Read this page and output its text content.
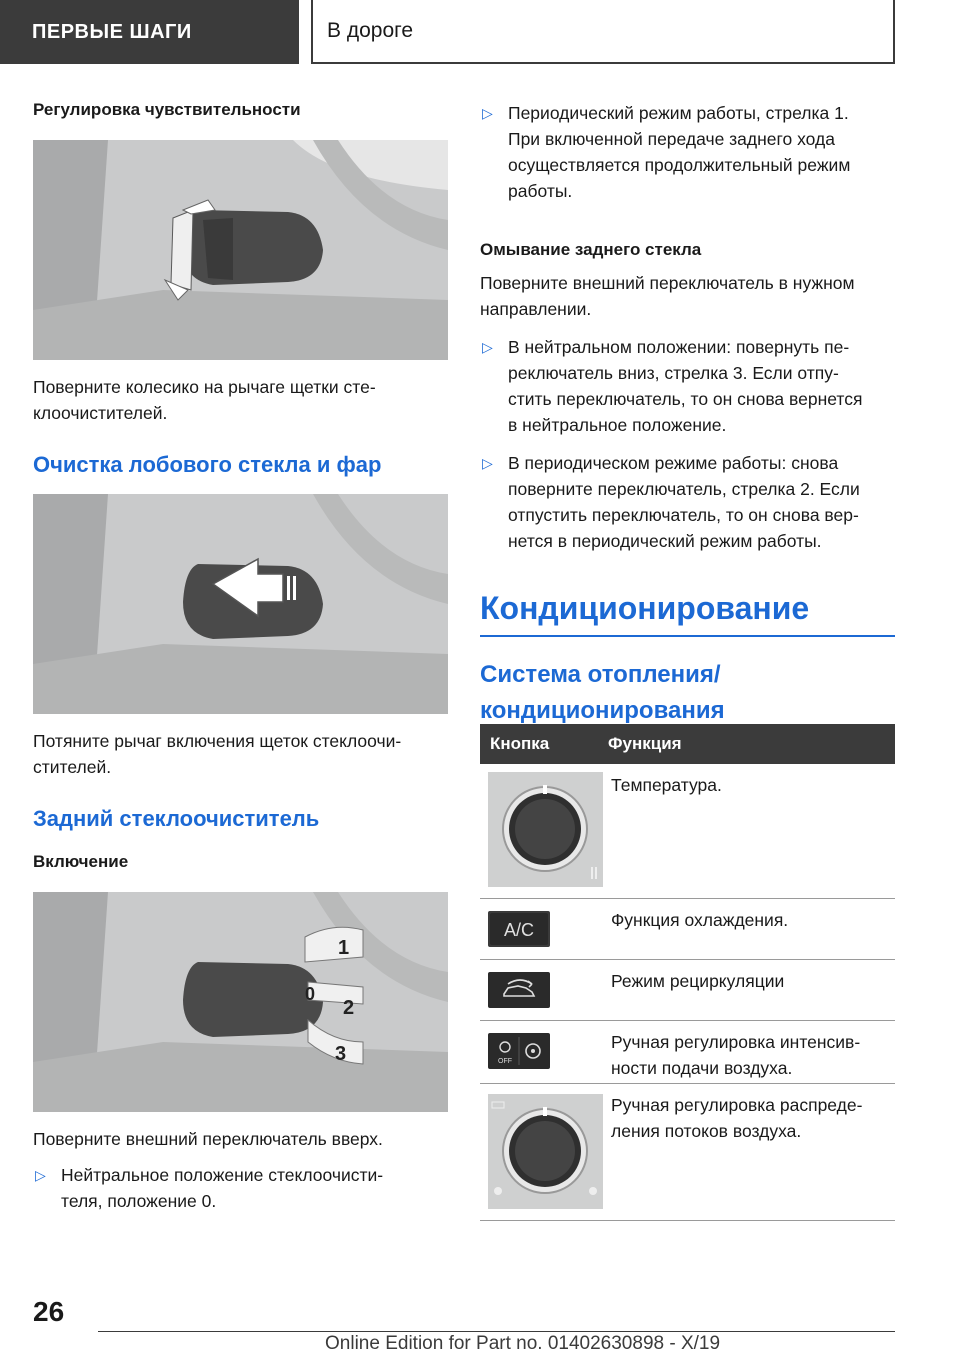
ПЕРВЫЕ ШАГИ	В дороге
Регулировка чувствительности

Поверните колесико на рычаге щетки сте-
клоочистителей.

Очистка лобового стекла и фар

Потяните рычаг включения щеток стеклоочи-
стителей.

Задний стеклоочиститель
Включение
1
0
2
3

Поверните внешний переключатель вверх.

▷ Нейтральное положение стеклоочисти-
теля, положение 0.
▷ Периодический режим работы, стрелка 1.
При включенной передаче заднего хода
осуществляется продолжительный режим
работы.
Омывание заднего стекла

Поверните внешний переключатель в нужном
направлении.

▷ В нейтральном положении: повернуть пе-
реключатель вниз, стрелка 3. Если отпу-
стить переключатель, то он снова вернется
в нейтральное положение.
▷ В периодическом режиме работы: снова
поверните переключатель, стрелка 2. Если
отпустить переключатель, то он снова вер-
нется в периодический режим работы.
Кондиционирование
Система отопления/
кондиционирования
Кнопка	Функция
Температура.
A/C	Функция охлаждения.
Режим рециркуляции
OFF
Ручная регулировка интенсив-
ности подачи воздуха.
Ручная регулировка распреде-
ления потоков воздуха.
26
Online Edition for Part no. 01402630898 - X/19
